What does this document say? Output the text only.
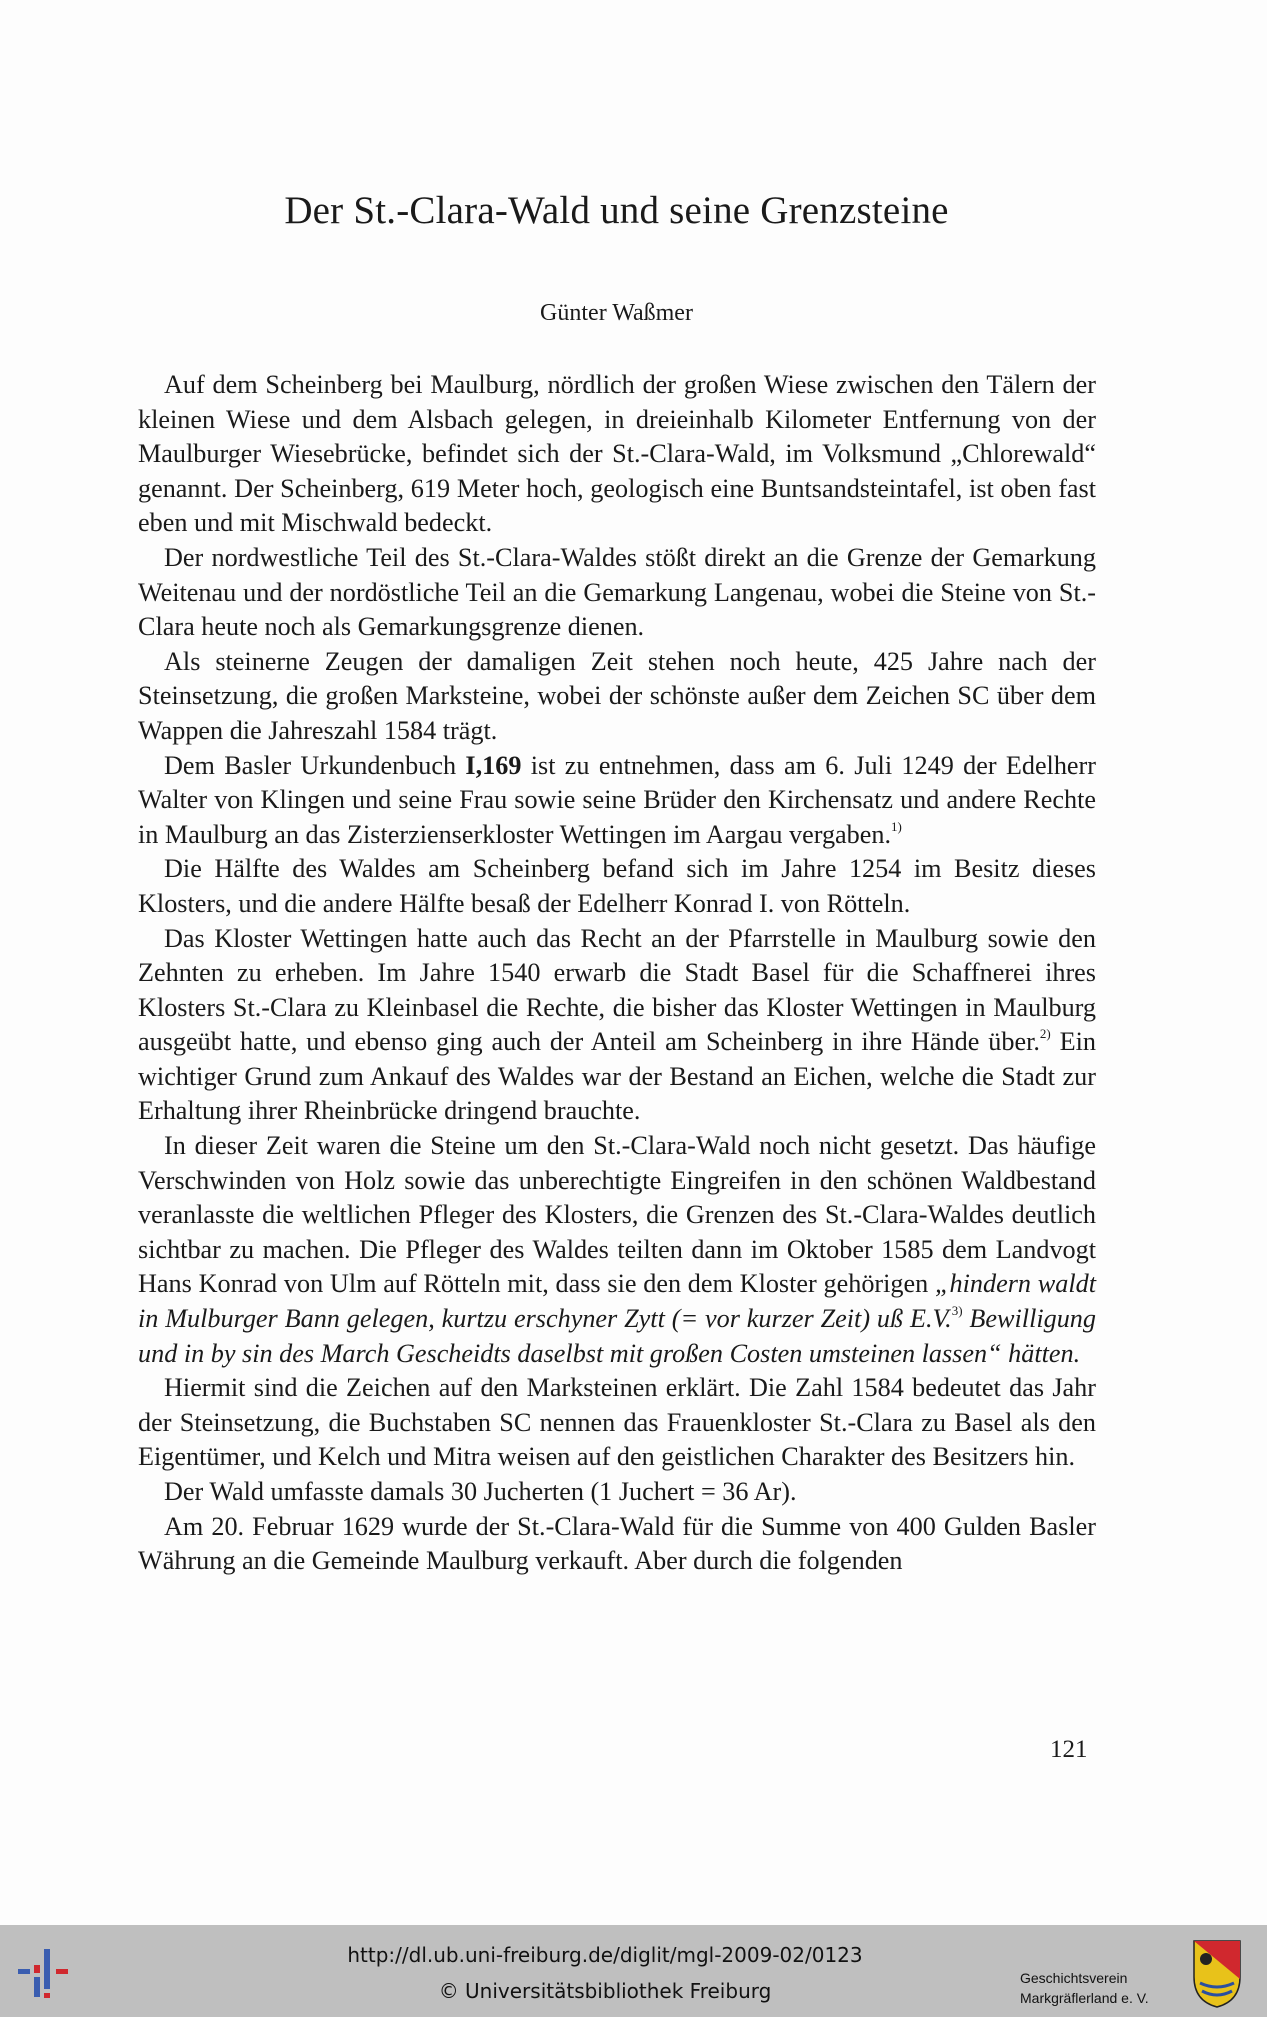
Der St.-Clara-Wald und seine Grenzsteine
Günter Waßmer

Auf dem Scheinberg bei Maulburg, nördlich der großen Wiese zwischen den Tälern der kleinen Wiese und dem Alsbach gelegen, in dreieinhalb Kilometer Entfernung von der Maulburger Wiesebrücke, befindet sich der St.-Clara-Wald, im Volksmund „Chlorewald“ genannt. Der Scheinberg, 619 Meter hoch, geologisch eine Buntsandsteintafel, ist oben fast eben und mit Mischwald bedeckt.

Der nordwestliche Teil des St.-Clara-Waldes stößt direkt an die Grenze der Gemarkung Weitenau und der nordöstliche Teil an die Gemarkung Langenau, wobei die Steine von St.-Clara heute noch als Gemarkungsgrenze dienen.

Als steinerne Zeugen der damaligen Zeit stehen noch heute, 425 Jahre nach der Steinsetzung, die großen Marksteine, wobei der schönste außer dem Zeichen SC über dem Wappen die Jahreszahl 1584 trägt.

Dem Basler Urkundenbuch I,169 ist zu entnehmen, dass am 6. Juli 1249 der Edelherr Walter von Klingen und seine Frau sowie seine Brüder den Kirchensatz und andere Rechte in Maulburg an das Zisterzienserkloster Wettingen im Aargau vergaben.$^{1)}$

Die Hälfte des Waldes am Scheinberg befand sich im Jahre 1254 im Besitz dieses Klosters, und die andere Hälfte besaß der Edelherr Konrad I. von Rötteln.

Das Kloster Wettingen hatte auch das Recht an der Pfarrstelle in Maulburg sowie den Zehnten zu erheben. Im Jahre 1540 erwarb die Stadt Basel für die Schaffnerei ihres Klosters St.-Clara zu Kleinbasel die Rechte, die bisher das Kloster Wettingen in Maulburg ausgeübt hatte, und ebenso ging auch der Anteil am Scheinberg in ihre Hände über.$^{2)}$ Ein wichtiger Grund zum Ankauf des Waldes war der Bestand an Eichen, welche die Stadt zur Erhaltung ihrer Rheinbrücke dringend brauchte.

In dieser Zeit waren die Steine um den St.-Clara-Wald noch nicht gesetzt. Das häufige Verschwinden von Holz sowie das unberechtigte Eingreifen in den schönen Waldbestand veranlasste die weltlichen Pfleger des Klosters, die Grenzen des St.-Clara-Waldes deutlich sichtbar zu machen. Die Pfleger des Waldes teilten dann im Oktober 1585 dem Landvogt Hans Konrad von Ulm auf Rötteln mit, dass sie den dem Kloster gehörigen „hindern waldt in Mulburger Bann gelegen, kurtzu erschyner Zytt (= vor kurzer Zeit) uß E.V.$^{3)}$ Bewilligung und in by sin des March Gescheidts daselbst mit großen Costen umsteinen lassen“ hätten.

Hiermit sind die Zeichen auf den Marksteinen erklärt. Die Zahl 1584 bedeutet das Jahr der Steinsetzung, die Buchstaben SC nennen das Frauenkloster St.-Clara zu Basel als den Eigentümer, und Kelch und Mitra weisen auf den geistlichen Charakter des Besitzers hin.

Der Wald umfasste damals 30 Jucherten (1 Juchert = 36 Ar).

Am 20. Februar 1629 wurde der St.-Clara-Wald für die Summe von 400 Gulden Basler Währung an die Gemeinde Maulburg verkauft. Aber durch die folgenden

121
http://dl.ub.uni-freiburg.de/diglit/mgl-2009-02/0123
© Universitätsbibliothek Freiburg
Geschichtsverein
Markgräflerland e. V.
